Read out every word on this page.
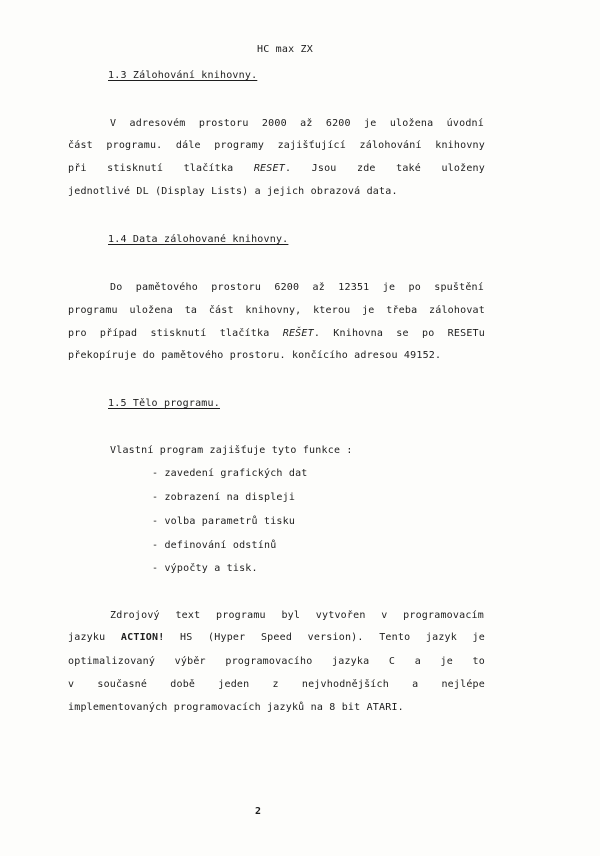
HC max ZX
1.3 Zálohování knihovny.
V adresovém prostoru 2000 až 6200 je uložena úvodní
část programu. dále programy zajišťující zálohování knihovny
při stisknutí tlačítka RESET. Jsou zde také uloženy
jednotlivé DL (Display Lists) a jejich obrazová data.
1.4 Data zálohované knihovny.
Do pamětového prostoru 6200 až 12351 je po spuštění
programu uložena ta část knihovny, kterou je třeba zálohovat
pro případ stisknutí tlačítka REŠET. Knihovna se po RESETu
překopíruje do pamětového prostoru. končícího adresou 49152.
1.5 Tělo programu.
Vlastní program zajišťuje tyto funkce :
- zavedení grafických dat
- zobrazení na displeji
- volba parametrů tisku
- definování odstínů
- výpočty a tisk.
Zdrojový text programu byl vytvořen v programovacím
jazyku ACTION! HS (Hyper Speed version). Tento jazyk je
optimalizovaný výběr programovacího jazyka C a je to
v současné době jeden z nejvhodnějších a nejlépe
implementovaných programovacích jazyků na 8 bit ATARI.
2
